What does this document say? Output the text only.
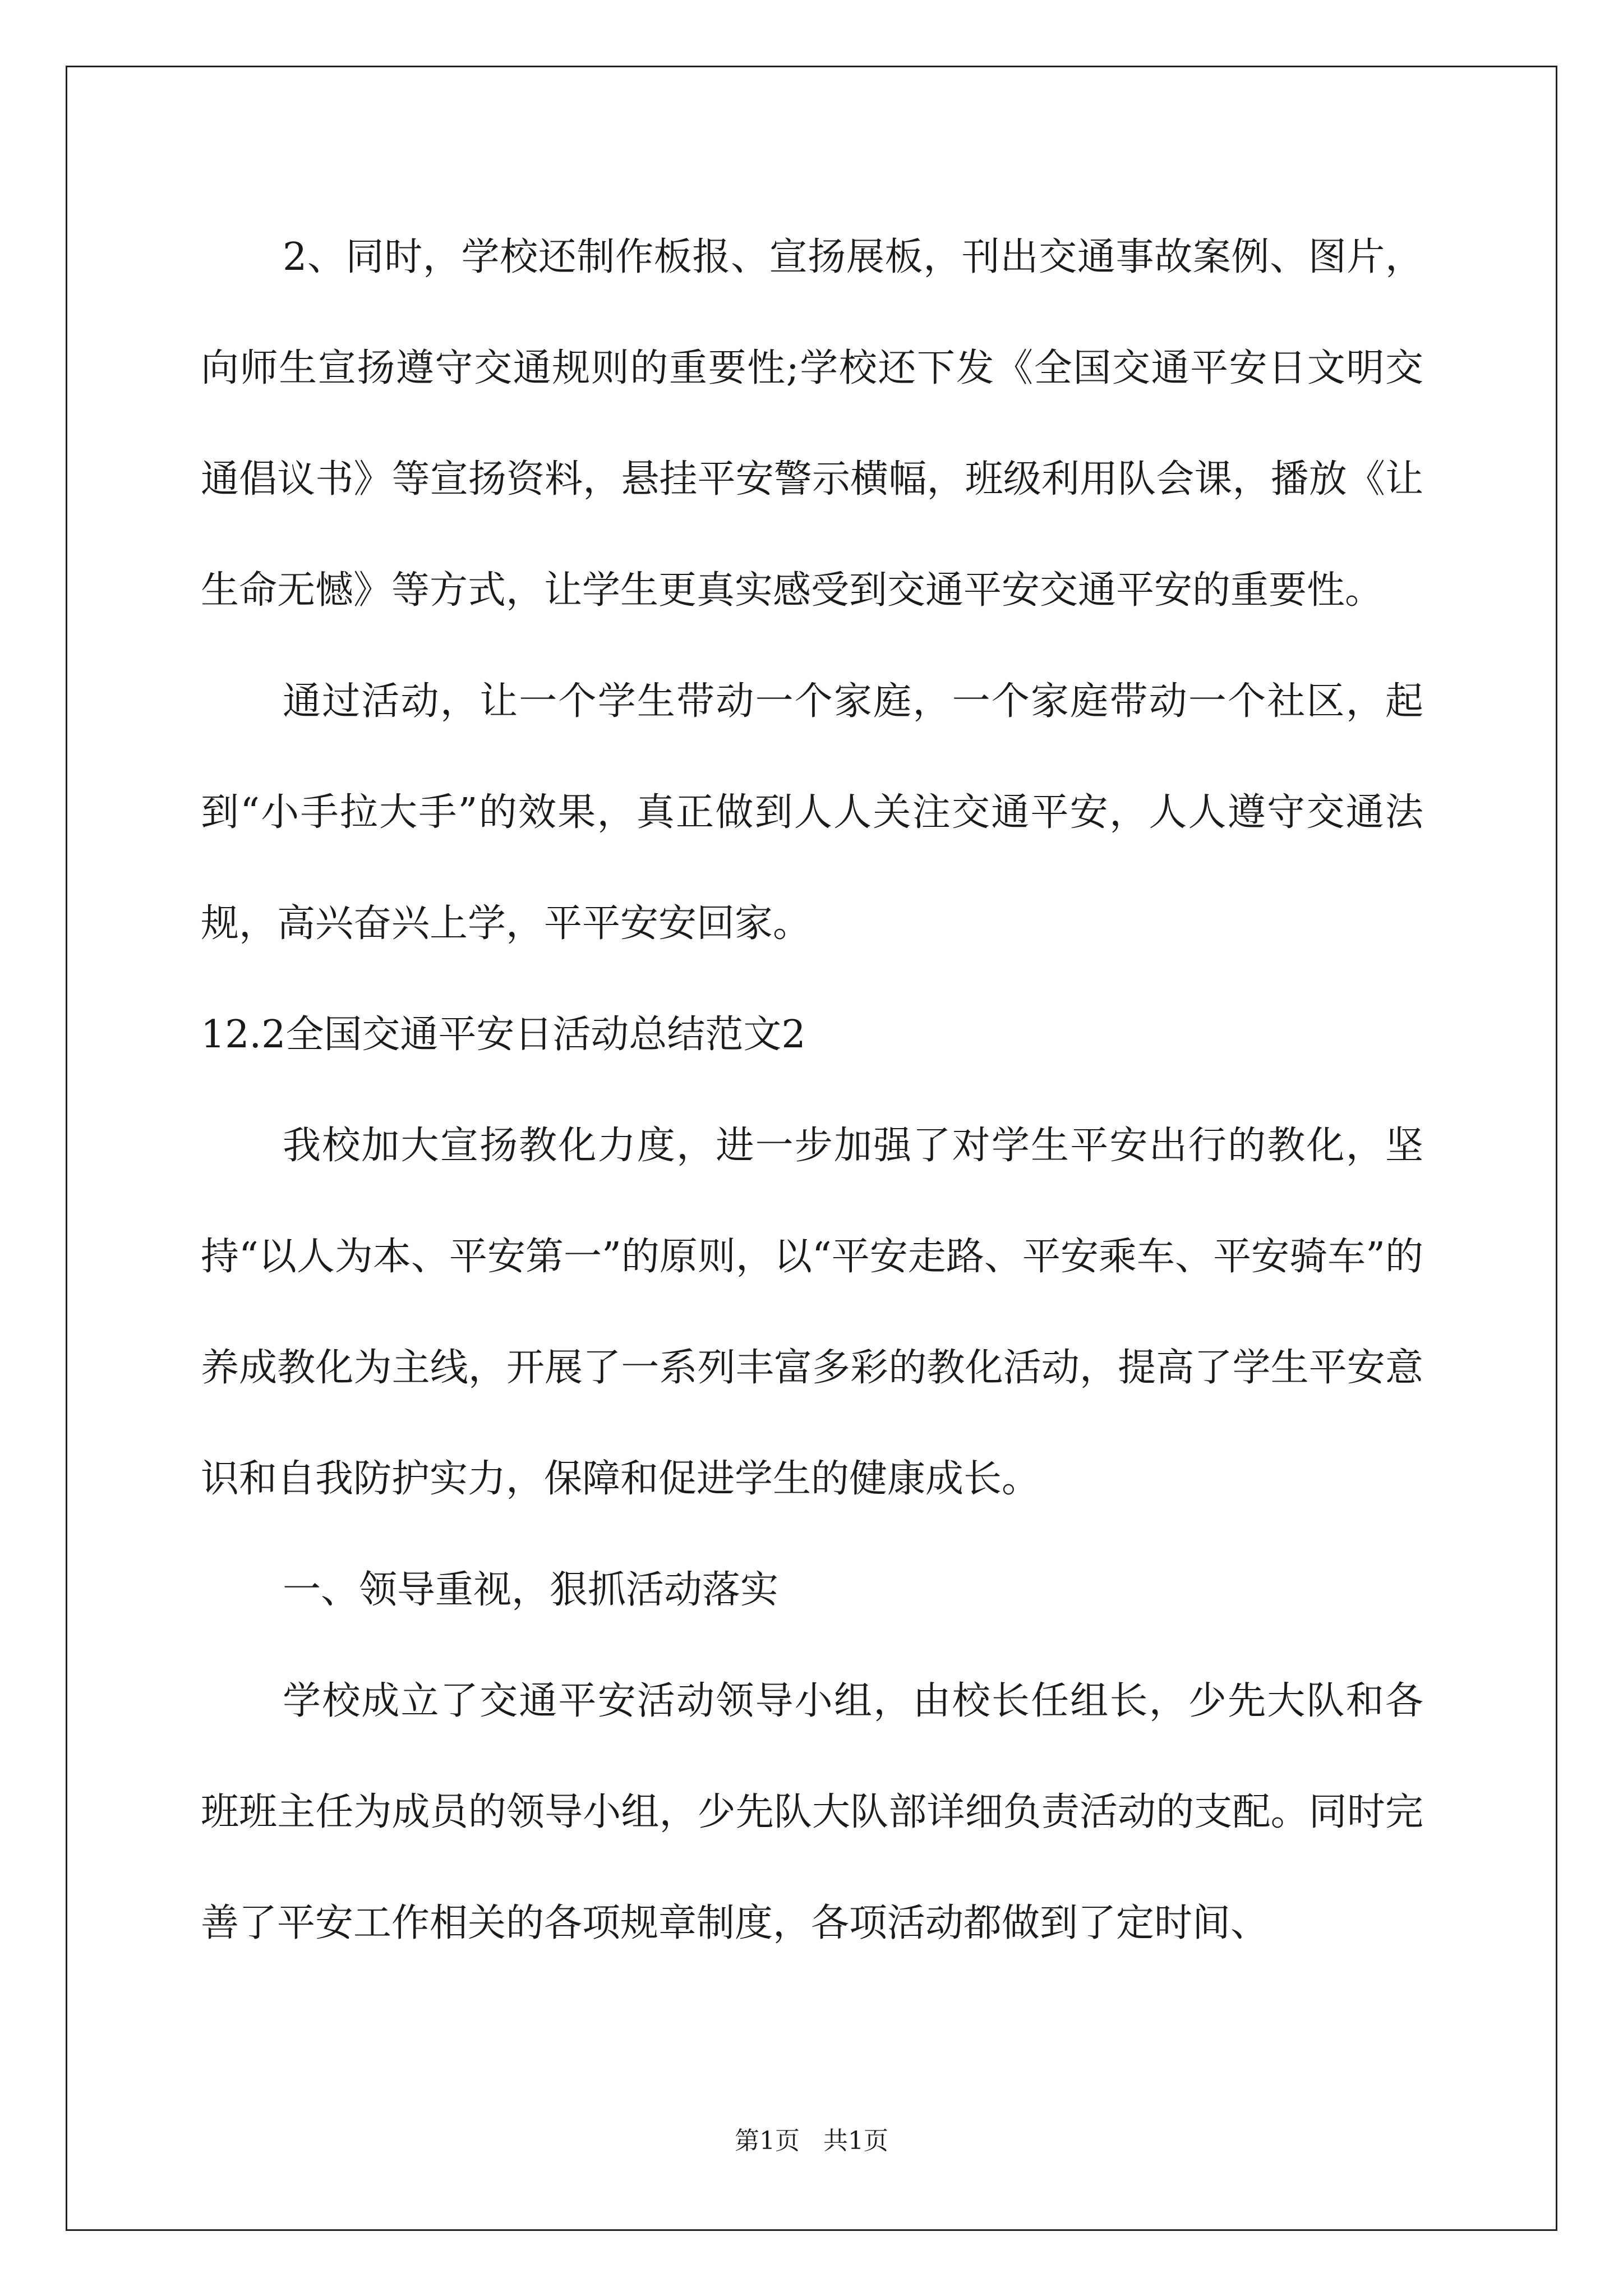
2、同时，学校还制作板报、宣扬展板，刊出交通事故案例、图片，向师生宣扬遵守交通规则的重要性;学校还下发《全国交通平安日文明交通倡议书》等宣扬资料，悬挂平安警示横幅，班级利用队会课，播放《让生命无憾》等方式，让学生更真实感受到交通平安交通平安的重要性。

通过活动，让一个学生带动一个家庭，一个家庭带动一个社区，起到“小手拉大手”的效果，真正做到人人关注交通平安，人人遵守交通法规，高兴奋兴上学，平平安安回家。

12.2全国交通平安日活动总结范文2

我校加大宣扬教化力度，进一步加强了对学生平安出行的教化，坚持“以人为本、平安第一”的原则，以“平安走路、平安乘车、平安骑车”的养成教化为主线，开展了一系列丰富多彩的教化活动，提高了学生平安意识和自我防护实力，保障和促进学生的健康成长。

一、领导重视，狠抓活动落实

学校成立了交通平安活动领导小组，由校长任组长，少先大队和各班班主任为成员的领导小组，少先队大队部详细负责活动的支配。同时完善了平安工作相关的各项规章制度，各项活动都做到了定时间、

第1页   共1页
